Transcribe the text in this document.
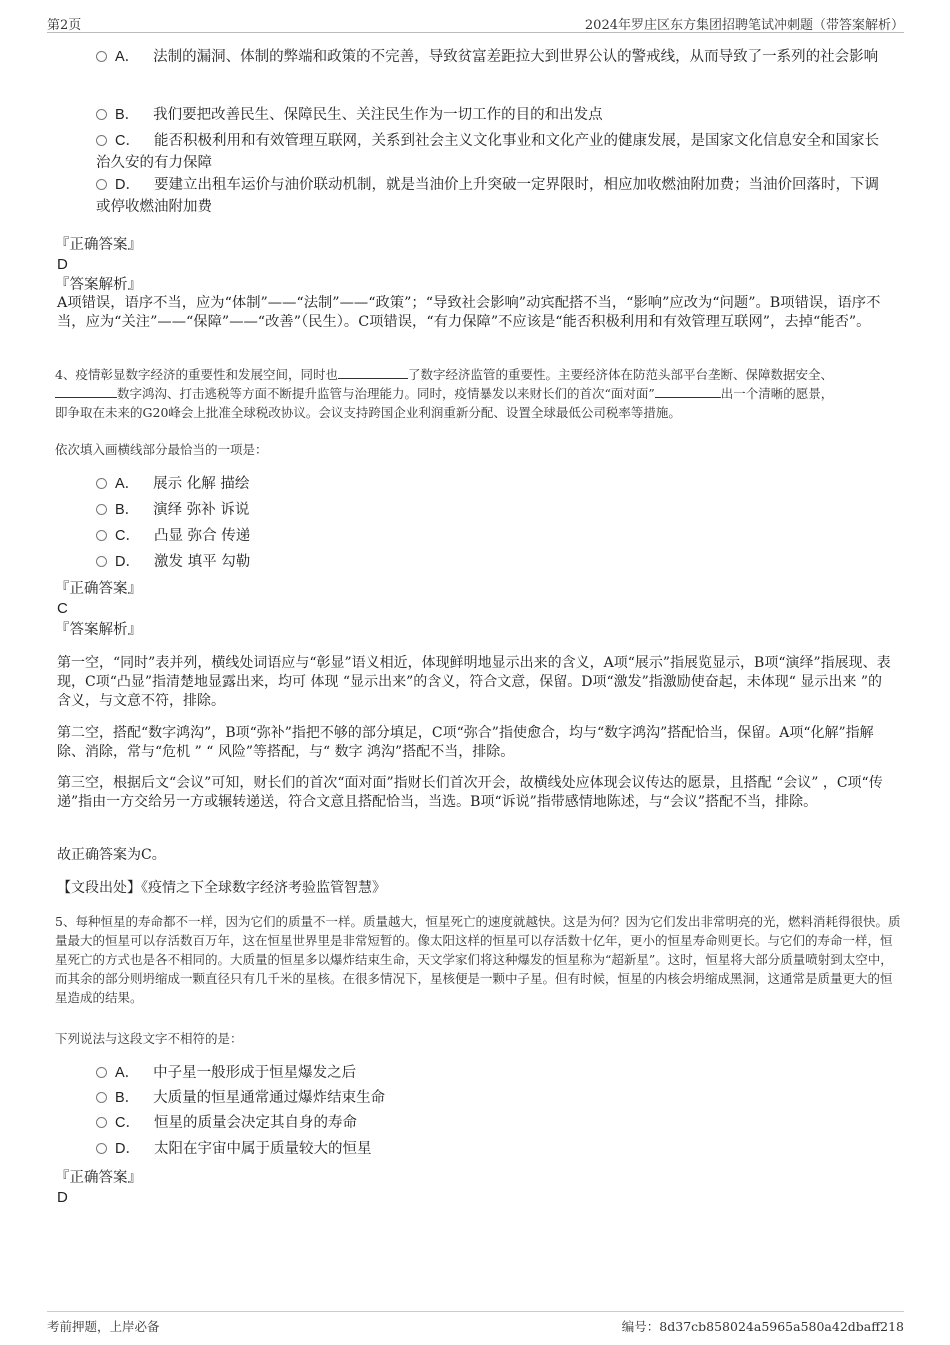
第2页	2024年罗庄区东方集团招聘笔试冲刺题（带答案解析）
A． 法制的漏洞、体制的弊端和政策的不完善，导致贫富差距拉大到世界公认的警戒线，从而导致了一系列的社会影响
B． 我们要把改善民生、保障民生、关注民生作为一切工作的目的和出发点
C． 能否积极利用和有效管理互联网，关系到社会主义文化事业和文化产业的健康发展，是国家文化信息安全和国家长治久安的有力保障
D． 要建立出租车运价与油价联动机制，就是当油价上升突破一定界限时，相应加收燃油附加费；当油价回落时，下调或停收燃油附加费
『正确答案』
D
『答案解析』
A项错误，语序不当，应为“体制”——“法制”——“政策”；“导致社会影响”动宾配搭不当，“影响”应改为“问题”。B项错误，语序不当，应为“关注”——“保障”——“改善”（民生）。C项错误，“有力保障”不应该是“能否积极利用和有效管理互联网”，去掉“能否”。
4、疫情彰显数字经济的重要性和发展空间，同时也	了数字经济监管的重要性。主要经济体在防范头部平台垄断、保障数据安全、
数字鸿沟、打击逃税等方面不断提升监管与治理能力。同时，疫情暴发以来财长们的首次“面对面”	出一个清晰的愿景，
即争取在未来的G20峰会上批准全球税改协议。会议支持跨国企业利润重新分配、设置全球最低公司税率等措施。
依次填入画横线部分最恰当的一项是：
A． 展示 化解 描绘
B． 演绎 弥补 诉说
C． 凸显 弥合 传递
D． 激发 填平 勾勒
『正确答案』
C
『答案解析』
第一空，“同时”表并列，横线处词语应与“彰显”语义相近，体现鲜明地显示出来的含义，A项“展示”指展览显示，B项“演绎”指展现、表现，C项“凸显”指清楚地显露出来，均可 体现 “显示出来”的含义，符合文意，保留。D项“激发”指激励使奋起，未体现“ 显示出来 ”的含义，与文意不符，排除。
第二空，搭配“数字鸿沟”，B项“弥补”指把不够的部分填足，C项“弥合”指使愈合，均与“数字鸿沟”搭配恰当，保留。A项“化解”指解除、消除，常与“危机 ” “ 风险”等搭配，与“ 数字 鸿沟”搭配不当，排除。
第三空，根据后文“会议”可知，财长们的首次“面对面”指财长们首次开会，故横线处应体现会议传达的愿景，且搭配 “会议” ，C项“传递”指由一方交给另一方或辗转递送，符合文意且搭配恰当，当选。B项“诉说”指带感情地陈述，与“会议”搭配不当，排除。
故正确答案为C。
【文段出处】《疫情之下全球数字经济考验监管智慧》
5、每种恒星的寿命都不一样，因为它们的质量不一样。质量越大，恒星死亡的速度就越快。这是为何？因为它们发出非常明亮的光，燃料消耗得很快。质量最大的恒星可以存活数百万年，这在恒星世界里是非常短暂的。像太阳这样的恒星可以存活数十亿年，更小的恒星寿命则更长。与它们的寿命一样，恒星死亡的方式也是各不相同的。大质量的恒星多以爆炸结束生命，天文学家们将这种爆发的恒星称为“超新星”。这时，恒星将大部分质量喷射到太空中，而其余的部分则坍缩成一颗直径只有几千米的星核。在很多情况下，星核便是一颗中子星。但有时候，恒星的内核会坍缩成黑洞，这通常是质量更大的恒星造成的结果。
下列说法与这段文字不相符的是：
A． 中子星一般形成于恒星爆发之后
B． 大质量的恒星通常通过爆炸结束生命
C． 恒星的质量会决定其自身的寿命
D． 太阳在宇宙中属于质量较大的恒星
『正确答案』
D
考前押题，上岸必备	编号：8d37cb858024a5965a580a42dbaff218
